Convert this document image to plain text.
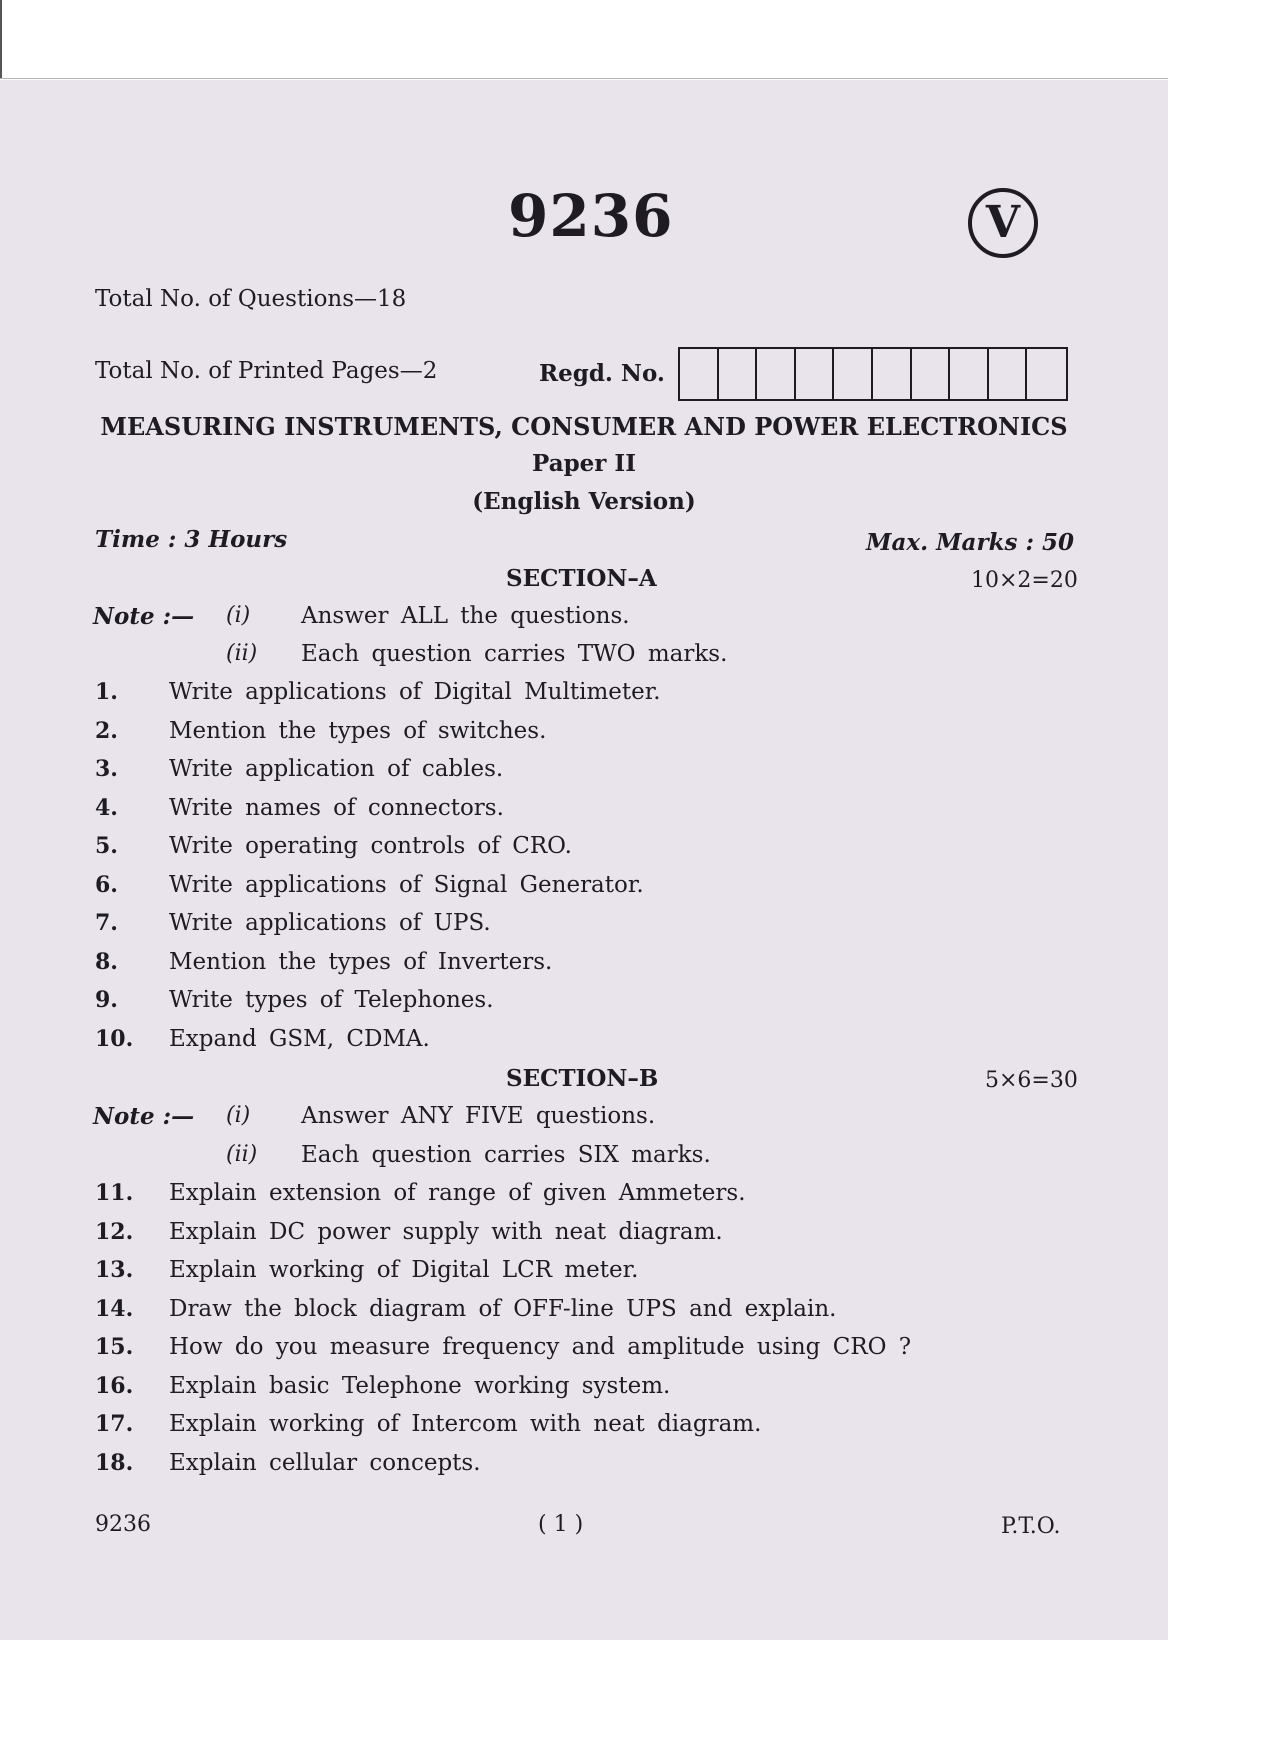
9236	V
Total No. of Questions—18
Total No. of Printed Pages—2	Regd. No.
MEASURING INSTRUMENTS, CONSUMER AND POWER ELECTRONICS
Paper II
(English Version)
Time : 3 Hours	Max. Marks : 50
SECTION–A	10×2=20
Note :— (i) Answer ALL the questions.
(ii) Each question carries TWO marks.
1. Write applications of Digital Multimeter.
2. Mention the types of switches.
3. Write application of cables.
4. Write names of connectors.
5. Write operating controls of CRO.
6. Write applications of Signal Generator.
7. Write applications of UPS.
8. Mention the types of Inverters.
9. Write types of Telephones.
10. Expand GSM, CDMA.
SECTION–B	5×6=30
Note :— (i) Answer ANY FIVE questions.
(ii) Each question carries SIX marks.
11. Explain extension of range of given Ammeters.
12. Explain DC power supply with neat diagram.
13. Explain working of Digital LCR meter.
14. Draw the block diagram of OFF-line UPS and explain.
15. How do you measure frequency and amplitude using CRO ?
16. Explain basic Telephone working system.
17. Explain working of Intercom with neat diagram.
18. Explain cellular concepts.
9236	( 1 )	P.T.O.
